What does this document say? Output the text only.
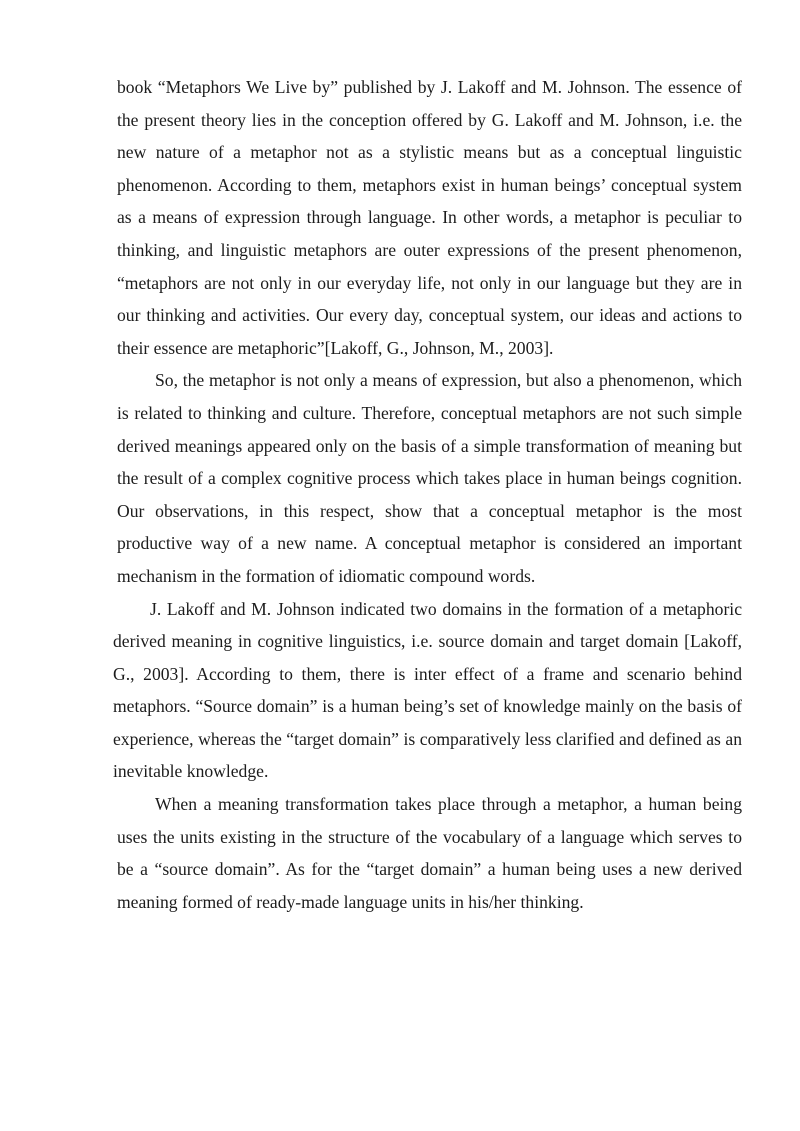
book “Metaphors We Live by” published by J. Lakoff and M. Johnson. The essence of the present theory lies in the conception offered by G. Lakoff and M. Johnson, i.e. the new nature of a metaphor not as a stylistic means but as a conceptual linguistic phenomenon. According to them, metaphors exist in human beings’ conceptual system as a means of expression through language. In other words, a metaphor is peculiar to thinking, and linguistic metaphors are outer expressions of the present phenomenon, “metaphors are not only in our everyday life, not only in our language but they are in our thinking and activities. Our every day, conceptual system, our ideas and actions to their essence are metaphoric”[Lakoff, G., Johnson, M., 2003].

So, the metaphor is not only a means of expression, but also a phenomenon, which is related to thinking and culture. Therefore, conceptual metaphors are not such simple derived meanings appeared only on the basis of a simple transformation of meaning but the result of a complex cognitive process which takes place in human beings cognition. Our observations, in this respect, show that a conceptual metaphor is the most productive way of a new name. A conceptual metaphor is considered an important mechanism in the formation of idiomatic compound words.

J. Lakoff and M. Johnson indicated two domains in the formation of a metaphoric derived meaning in cognitive linguistics, i.e. source domain and target domain [Lakoff, G., 2003]. According to them, there is inter effect of a frame and scenario behind metaphors. “Source domain” is a human being’s set of knowledge mainly on the basis of experience, whereas the “target domain” is comparatively less clarified and defined as an inevitable knowledge.

When a meaning transformation takes place through a metaphor, a human being uses the units existing in the structure of the vocabulary of a language which serves to be a “source domain”. As for the “target domain” a human being uses a new derived meaning formed of ready-made language units in his/her thinking.
